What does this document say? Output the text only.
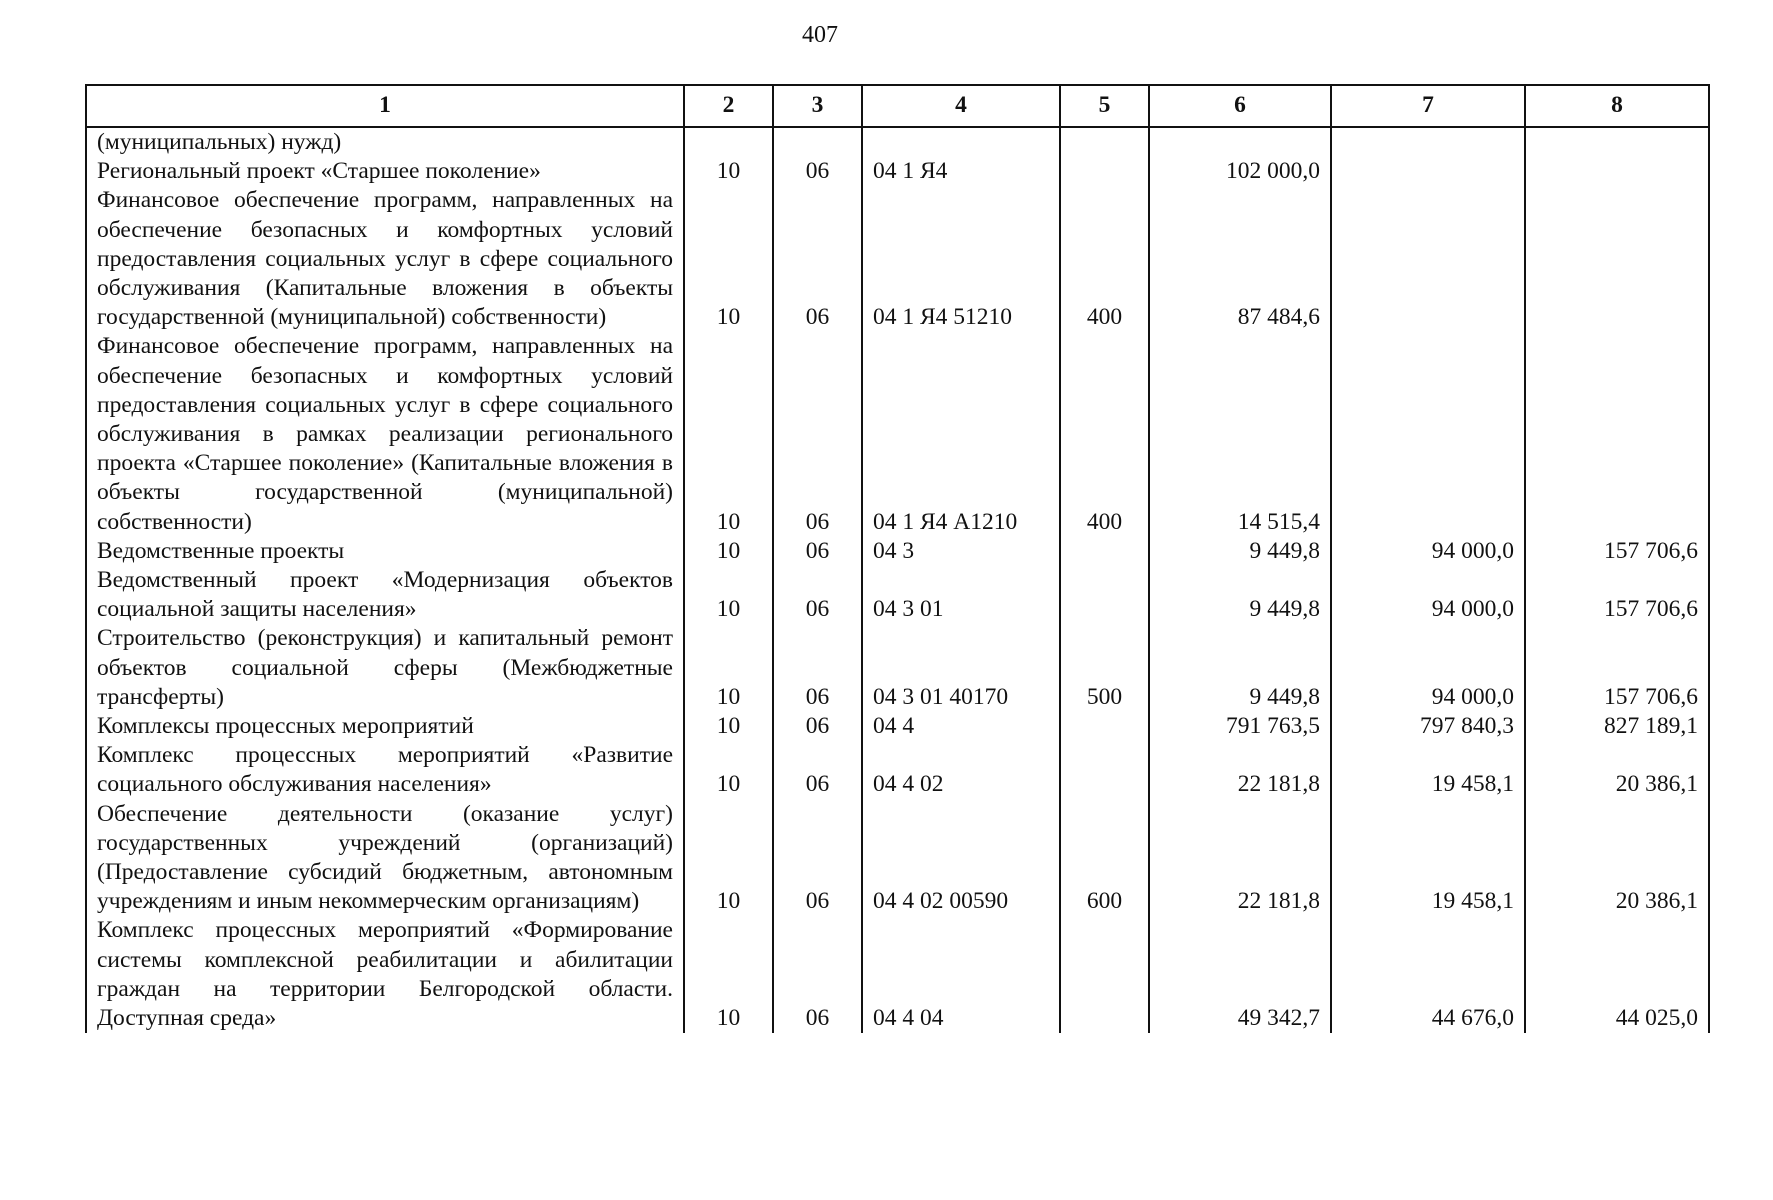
407
1	2	3	4	5	6	7	8
(муниципальных) нужд)							
Региональный проект «Старшее поколение»	10	06	04 1 Я4		102 000,0		
Финансовое обеспечение программ, направленных на обеспечение безопасных и комфортных условий предоставления социальных услуг в сфере социального обслуживания (Капитальные вложения в объекты государственной (муниципальной) собственности)	10	06	04 1 Я4 51210	400	87 484,6		
Финансовое обеспечение программ, направленных на обеспечение безопасных и комфортных условий предоставления социальных услуг в сфере социального обслуживания в рамках реализации регионального проекта «Старшее поколение» (Капитальные вложения в объекты государственной (муниципальной) собственности)	10	06	04 1 Я4 А1210	400	14 515,4		
Ведомственные проекты	10	06	04 3		9 449,8	94 000,0	157 706,6
Ведомственный проект «Модернизация объектов социальной защиты населения»	10	06	04 3 01		9 449,8	94 000,0	157 706,6
Строительство (реконструкция) и капитальный ремонт объектов социальной сферы (Межбюджетные трансферты)	10	06	04 3 01 40170	500	9 449,8	94 000,0	157 706,6
Комплексы процессных мероприятий	10	06	04 4		791 763,5	797 840,3	827 189,1
Комплекс процессных мероприятий «Развитие социального обслуживания населения»	10	06	04 4 02		22 181,8	19 458,1	20 386,1
Обеспечение деятельности (оказание услуг) государственных учреждений (организаций) (Предоставление субсидий бюджетным, автономным учреждениям и иным некоммерческим организациям)	10	06	04 4 02 00590	600	22 181,8	19 458,1	20 386,1
Комплекс процессных мероприятий «Формирование системы комплексной реабилитации и абилитации граждан на территории Белгородской области. Доступная среда»	10	06	04 4 04		49 342,7	44 676,0	44 025,0
